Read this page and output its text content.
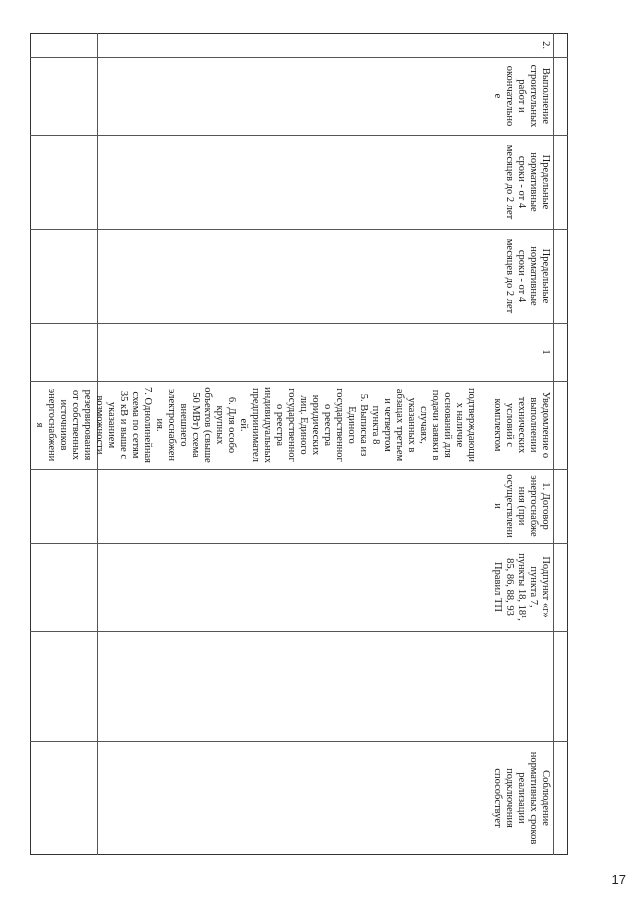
2.
Выполнение
строительных
работ и
окончательно
e
Предельные
нормативные
сроки - от 4
месяцев до 2 лет
Предельные
нормативные
сроки - от 4
месяцев до 2 лет
1
Уведомление о
выполнении
технических
условий с
комплектом
подтверждающи
х наличие
оснований для
подачи заявки в
случаях,
указанных в
абзацах третьем
и четвертом
пункта 8
5. Выписка из
Единого
государственног
о реестра
юридических
лиц. Единого
государственног
о реестра
индивидуальных
предпринимател
ей.
6. Для особо
крупных
объектов (свыше
50 МВт) схема
внешнего
электроснабжен
ия.
7. Однолинейная
схема по сетям
35 кВ и выше с
указанием
возможности
резервирования
от собственных
источников
энергоснабжени
я
1. Договор
энергоснабже
ния (при
осуществлени
и
Подпункт «г»
пункта 7,
пункты 18, 18¹,
85, 86, 88, 93
Правил ТП
Соблюдение
нормативных сроков
реализации
подключения
способствует
17
